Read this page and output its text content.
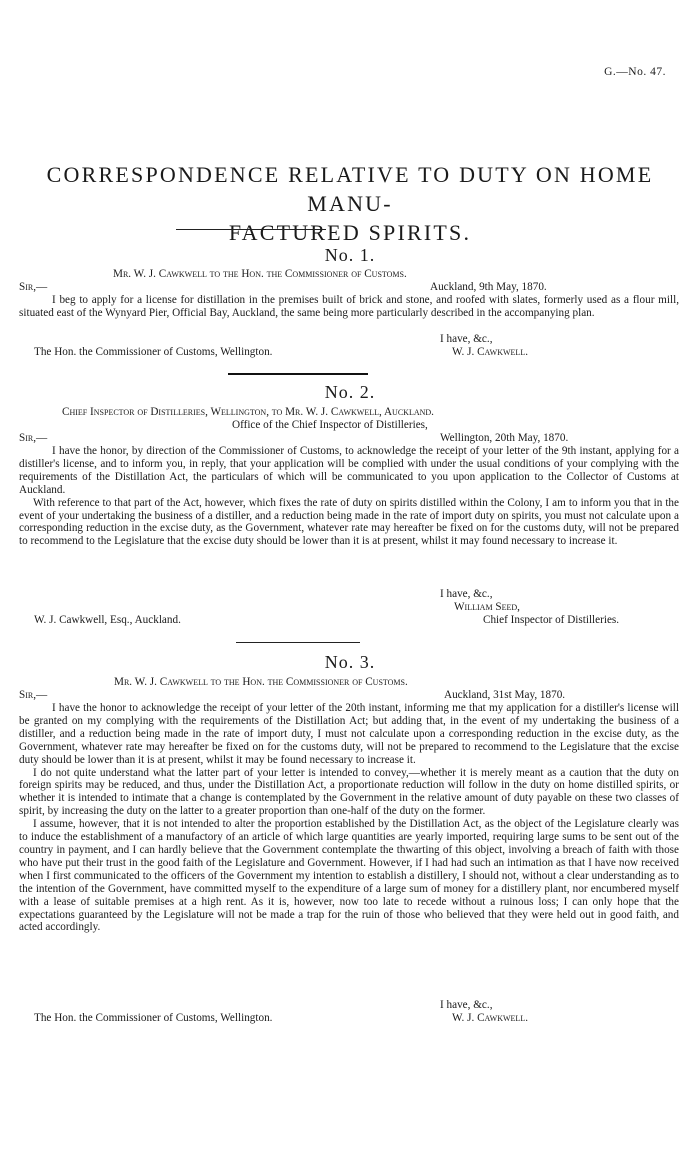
G.—No. 47.
CORRESPONDENCE RELATIVE TO DUTY ON HOME MANU-
FACTURED SPIRITS.
No. 1.
Mr. W. J. Cawkwell to the Hon. the Commissioner of Customs.
Sir,—	Auckland, 9th May, 1870.

I beg to apply for a license for distillation in the premises built of brick and stone, and roofed with slates, formerly used as a flour mill, situated east of the Wynyard Pier, Official Bay, Auckland, the same being more particularly described in the accompanying plan.

I have, &c.,
The Hon. the Commissioner of Customs, Wellington.	W. J. Cawkwell.
No. 2.
Chief Inspector of Distilleries, Wellington, to Mr. W. J. Cawkwell, Auckland.
Office of the Chief Inspector of Distilleries,
Sir,—	Wellington, 20th May, 1870.

I have the honor, by direction of the Commissioner of Customs, to acknowledge the receipt of your letter of the 9th instant, applying for a distiller's license, and to inform you, in reply, that your application will be complied with under the usual conditions of your complying with the requirements of the Distillation Act, the particulars of which will be communicated to you upon application to the Collector of Customs at Auckland.

With reference to that part of the Act, however, which fixes the rate of duty on spirits distilled within the Colony, I am to inform you that in the event of your undertaking the business of a distiller, and a reduction being made in the rate of import duty on spirits, you must not calculate upon a corresponding reduction in the excise duty, as the Government, whatever rate may hereafter be fixed on for the customs duty, will not be prepared to recommend to the Legislature that the excise duty should be lower than it is at present, whilst it may found necessary to increase it.

I have, &c.,
William Seed,
W. J. Cawkwell, Esq., Auckland.	Chief Inspector of Distilleries.
No. 3.
Mr. W. J. Cawkwell to the Hon. the Commissioner of Customs.
Sir,—	Auckland, 31st May, 1870.

I have the honor to acknowledge the receipt of your letter of the 20th instant, informing me that my application for a distiller's license will be granted on my complying with the requirements of the Distillation Act; but adding that, in the event of my undertaking the business of a distiller, and a reduction being made in the rate of import duty, I must not calculate upon a corresponding reduction in the excise duty, as the Government, whatever rate may hereafter be fixed on for the customs duty, will not be prepared to recommend to the Legislature that the excise duty should be lower than it is at present, whilst it may be found necessary to increase it.

I do not quite understand what the latter part of your letter is intended to convey,—whether it is merely meant as a caution that the duty on foreign spirits may be reduced, and thus, under the Distillation Act, a proportionate reduction will follow in the duty on home distilled spirits, or whether it is intended to intimate that a change is contemplated by the Government in the relative amount of duty payable on these two classes of spirit, by increasing the duty on the latter to a greater proportion than one-half of the duty on the former.

I assume, however, that it is not intended to alter the proportion established by the Distillation Act, as the object of the Legislature clearly was to induce the establishment of a manufactory of an article of which large quantities are yearly imported, requiring large sums to be sent out of the country in payment, and I can hardly believe that the Government contemplate the thwarting of this object, involving a breach of faith with those who have put their trust in the good faith of the Legislature and Government. However, if I had had such an intimation as that I have now received when I first communicated to the officers of the Government my intention to establish a distillery, I should not, without a clear understanding as to the intention of the Government, have committed myself to the expenditure of a large sum of money for a distillery plant, nor encumbered myself with a lease of suitable premises at a high rent. As it is, however, now too late to recede without a ruinous loss; I can only hope that the expectations guaranteed by the Legislature will not be made a trap for the ruin of those who believed that they were held out in good faith, and acted accordingly.

I have, &c.,
The Hon. the Commissioner of Customs, Wellington.	W. J. Cawkwell.
